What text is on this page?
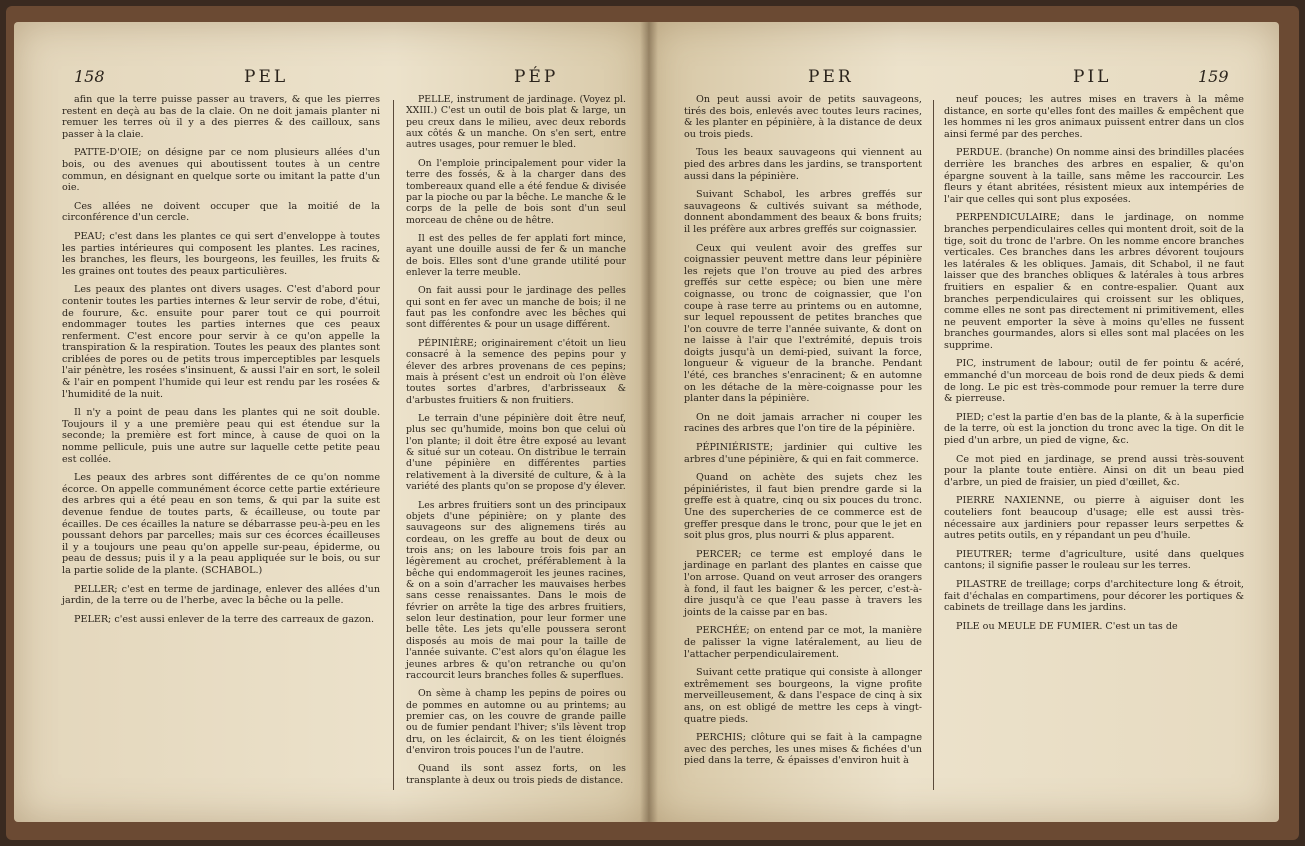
158	PEL	PÉP

afin que la terre puisse passer au travers, & que les pierres restent en deçà au bas de la claie. On ne doit jamais planter ni remuer les terres où il y a des pierres & des cailloux, sans passer à la claie.

PATTE-D'OIE; on désigne par ce nom plusieurs allées d'un bois, ou des avenues qui aboutissent toutes à un centre commun, en désignant en quelque sorte ou imitant la patte d'un oie.

Ces allées ne doivent occuper que la moitié de la circonférence d'un cercle.

PEAU; c'est dans les plantes ce qui sert d'enveloppe à toutes les parties intérieures qui composent les plantes. Les racines, les branches, les fleurs, les bourgeons, les feuilles, les fruits & les graines ont toutes des peaux particulières.

Les peaux des plantes ont divers usages. C'est d'abord pour contenir toutes les parties internes & leur servir de robe, d'étui, de fourure, &c. ensuite pour parer tout ce qui pourroit endommager toutes les parties internes que ces peaux renferment. C'est encore pour servir à ce qu'on appelle la transpiration & la respiration. Toutes les peaux des plantes sont criblées de pores ou de petits trous imperceptibles par lesquels l'air pénètre, les rosées s'insinuent, & aussi l'air en sort, le soleil & l'air en pompent l'humide qui leur est rendu par les rosées & l'humidité de la nuit.

Il n'y a point de peau dans les plantes qui ne soit double. Toujours il y a une première peau qui est étendue sur la seconde; la première est fort mince, à cause de quoi on la nomme pellicule, puis une autre sur laquelle cette petite peau est collée.

Les peaux des arbres sont différentes de ce qu'on nomme écorce. On appelle communément écorce cette partie extérieure des arbres qui a été peau en son tems, & qui par la suite est devenue fendue de toutes parts, & écailleuse, ou toute par écailles. De ces écailles la nature se débarrasse peu-à-peu en les poussant dehors par parcelles; mais sur ces écorces écailleuses il y a toujours une peau qu'on appelle sur-peau, épiderme, ou peau de dessus; puis il y a la peau appliquée sur le bois, ou sur la partie solide de la plante. (SCHABOL.)

PELLER; c'est en terme de jardinage, enlever des allées d'un jardin, de la terre ou de l'herbe, avec la bêche ou la pelle.

PELER; c'est aussi enlever de la terre des carreaux de gazon.

PELLE, instrument de jardinage. (Voyez pl. XXIII.) C'est un outil de bois plat & large, un peu creux dans le milieu, avec deux rebords aux côtés & un manche. On s'en sert, entre autres usages, pour remuer le bled.

On l'emploie principalement pour vider la terre des fossés, & à la charger dans des tombereaux quand elle a été fendue & divisée par la pioche ou par la bêche. Le manche & le corps de la pelle de bois sont d'un seul morceau de chêne ou de hêtre.

Il est des pelles de fer applati fort mince, ayant une douille aussi de fer & un manche de bois. Elles sont d'une grande utilité pour enlever la terre meuble.

On fait aussi pour le jardinage des pelles qui sont en fer avec un manche de bois; il ne faut pas les confondre avec les bêches qui sont différentes & pour un usage différent.

PÉPINIÈRE; originairement c'étoit un lieu consacré à la semence des pepins pour y élever des arbres provenans de ces pepins; mais à présent c'est un endroit où l'on élève toutes sortes d'arbres, d'arbrisseaux & d'arbustes fruitiers & non fruitiers.

Le terrain d'une pépinière doit être neuf, plus sec qu'humide, moins bon que celui où l'on plante; il doit être être exposé au levant & situé sur un coteau. On distribue le terrain d'une pépinière en différentes parties relativement à la diversité de culture, & à la variété des plants qu'on se propose d'y élever.

Les arbres fruitiers sont un des principaux objets d'une pépinière; on y plante des sauvageons sur des alignemens tirés au cordeau, on les greffe au bout de deux ou trois ans; on les laboure trois fois par an légèrement au crochet, préférablement à la bêche qui endommageroit les jeunes racines, & on a soin d'arracher les mauvaises herbes sans cesse renaissantes. Dans le mois de février on arrête la tige des arbres fruitiers, selon leur destination, pour leur former une belle tête. Les jets qu'elle poussera seront disposés au mois de mai pour la taille de l'année suivante. C'est alors qu'on élague les jeunes arbres & qu'on retranche ou qu'on raccourcit leurs branches folles & superflues.

On sème à champ les pepins de poires ou de pommes en automne ou au printems; au premier cas, on les couvre de grande paille ou de fumier pendant l'hiver; s'ils lèvent trop dru, on les éclaircit, & on les tient éloignés d'environ trois pouces l'un de l'autre.

Quand ils sont assez forts, on les transplante à deux ou trois pieds de distance.

PER	PIL	159

On peut aussi avoir de petits sauvageons, tirés des bois, enlevés avec toutes leurs racines, & les planter en pépinière, à la distance de deux ou trois pieds.

Tous les beaux sauvageons qui viennent au pied des arbres dans les jardins, se transportent aussi dans la pépinière.

Suivant Schabol, les arbres greffés sur sauvageons & cultivés suivant sa méthode, donnent abondamment des beaux & bons fruits; il les préfère aux arbres greffés sur coignassier.

Ceux qui veulent avoir des greffes sur coignassier peuvent mettre dans leur pépinière les rejets que l'on trouve au pied des arbres greffés sur cette espèce; ou bien une mère coignasse, ou tronc de coignassier, que l'on coupe à rase terre au printems ou en automne, sur lequel repoussent de petites branches que l'on couvre de terre l'année suivante, & dont on ne laisse à l'air que l'extrémité, depuis trois doigts jusqu'à un demi-pied, suivant la force, longueur & vigueur de la branche. Pendant l'été, ces branches s'enracinent; & en automne on les détache de la mère-coignasse pour les planter dans la pépinière.

On ne doit jamais arracher ni couper les racines des arbres que l'on tire de la pépinière.

PÉPINIÉRISTE; jardinier qui cultive les arbres d'une pépinière, & qui en fait commerce.

Quand on achète des sujets chez les pépiniéristes, il faut bien prendre garde si la greffe est à quatre, cinq ou six pouces du tronc. Une des supercheries de ce commerce est de greffer presque dans le tronc, pour que le jet en soit plus gros, plus nourri & plus apparent.

PERCER; ce terme est employé dans le jardinage en parlant des plantes en caisse que l'on arrose. Quand on veut arroser des orangers à fond, il faut les baigner & les percer, c'est-à-dire jusqu'à ce que l'eau passe à travers les joints de la caisse par en bas.

PERCHÉE; on entend par ce mot, la manière de palisser la vigne latéralement, au lieu de l'attacher perpendiculairement.

Suivant cette pratique qui consiste à allonger extrêmement ses bourgeons, la vigne profite merveilleusement, & dans l'espace de cinq à six ans, on est obligé de mettre les ceps à vingt-quatre pieds.

PERCHIS; clôture qui se fait à la campagne avec des perches, les unes mises & fichées d'un pied dans la terre, & épaisses d'environ huit à

neuf pouces; les autres mises en travers à la même distance, en sorte qu'elles font des mailles & empêchent que les hommes ni les gros animaux puissent entrer dans un clos ainsi fermé par des perches.

PERDUE. (branche) On nomme ainsi des brindilles placées derrière les branches des arbres en espalier, & qu'on épargne souvent à la taille, sans même les raccourcir. Les fleurs y étant abritées, résistent mieux aux intempéries de l'air que celles qui sont plus exposées.

PERPENDICULAIRE; dans le jardinage, on nomme branches perpendiculaires celles qui montent droit, soit de la tige, soit du tronc de l'arbre. On les nomme encore branches verticales. Ces branches dans les arbres dévorent toujours les latérales & les obliques. Jamais, dit Schabol, il ne faut laisser que des branches obliques & latérales à tous arbres fruitiers en espalier & en contre-espalier. Quant aux branches perpendiculaires qui croissent sur les obliques, comme elles ne sont pas directement ni primitivement, elles ne peuvent emporter la sève à moins qu'elles ne fussent branches gourmandes, alors si elles sont mal placées on les supprime.

PIC, instrument de labour; outil de fer pointu & acéré, emmanché d'un morceau de bois rond de deux pieds & demi de long. Le pic est très-commode pour remuer la terre dure & pierreuse.

PIED; c'est la partie d'en bas de la plante, & à la superficie de la terre, où est la jonction du tronc avec la tige. On dit le pied d'un arbre, un pied de vigne, &c.

Ce mot pied en jardinage, se prend aussi très-souvent pour la plante toute entière. Ainsi on dit un beau pied d'arbre, un pied de fraisier, un pied d'œillet, &c.

PIERRE NAXIENNE, ou pierre à aiguiser dont les couteliers font beaucoup d'usage; elle est aussi très-nécessaire aux jardiniers pour repasser leurs serpettes & autres petits outils, en y répandant un peu d'huile.

PIEUTRER; terme d'agriculture, usité dans quelques cantons; il signifie passer le rouleau sur les terres.

PILASTRE de treillage; corps d'architecture long & étroit, fait d'échalas en compartimens, pour décorer les portiques & cabinets de treillage dans les jardins.

PILE ou MEULE DE FUMIER. C'est un tas de
